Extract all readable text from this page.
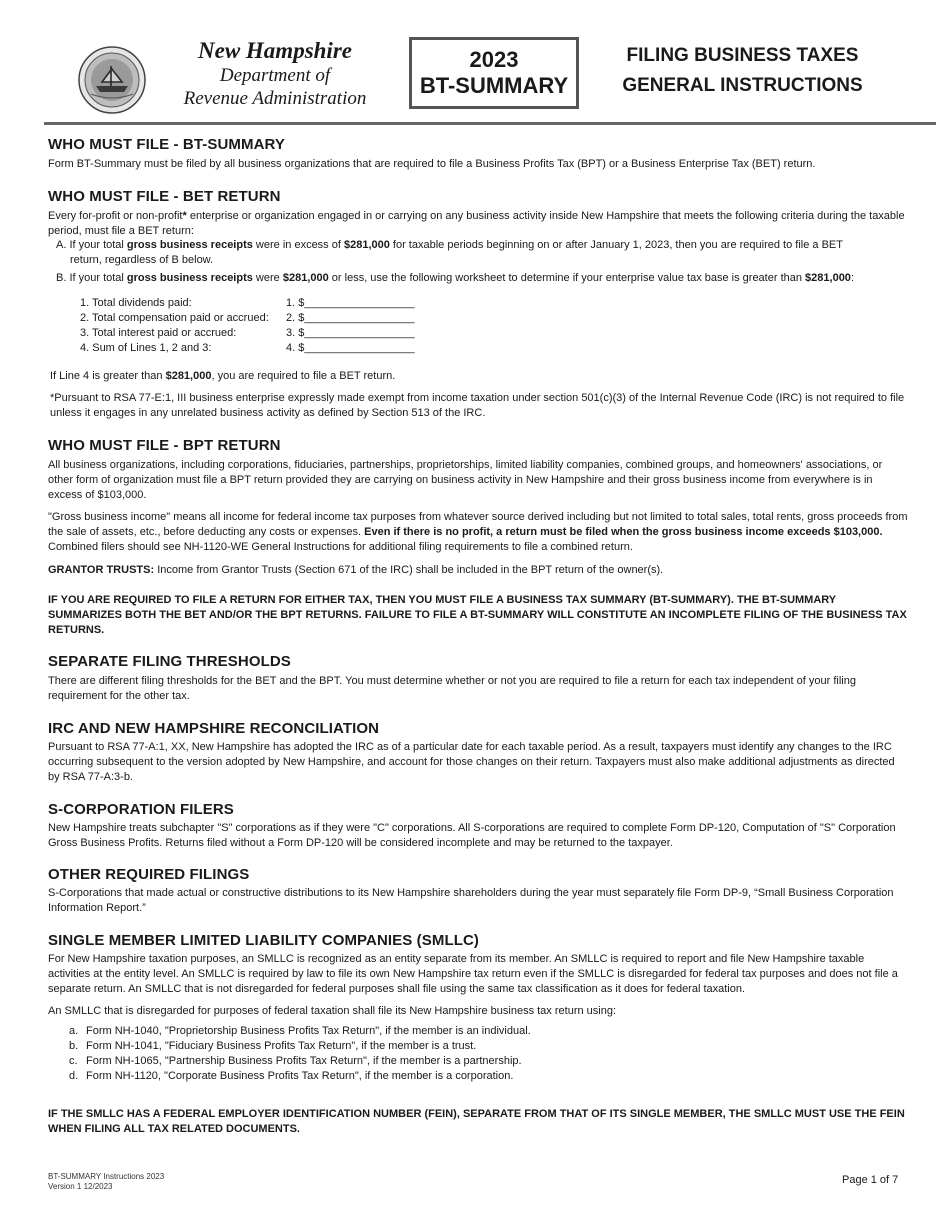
New Hampshire
Department of
Revenue Administration
2023
BT-SUMMARY
FILING BUSINESS TAXES
GENERAL INSTRUCTIONS
WHO MUST FILE - BT-SUMMARY
Form BT-Summary must be filed by all business organizations that are required to file a Business Profits Tax (BPT) or a Business Enterprise Tax (BET) return.
WHO MUST FILE - BET RETURN
Every for-profit or non-profit* enterprise or organization engaged in or carrying on any business activity inside New Hampshire that meets the following criteria during the taxable period, must file a BET return:
A. If your total gross business receipts were in excess of $281,000 for taxable periods beginning on or after January 1, 2023, then you are required to file a BET
return, regardless of B below.
B. If your total gross business receipts were $281,000 or less, use the following worksheet to determine if your enterprise value tax base is greater than $281,000:
1. Total dividends paid:	1. $__________________
2. Total compensation paid or accrued: 2. $__________________
3. Total interest paid or accrued:	3. $__________________
4. Sum of Lines 1, 2 and 3:	4. $__________________
If Line 4 is greater than $281,000, you are required to file a BET return.
*Pursuant to RSA 77-E:1, III business enterprise expressly made exempt from income taxation under section 501(c)(3) of the Internal Revenue Code (IRC) is not required to file unless it engages in any unrelated business activity as defined by Section 513 of the IRC.
WHO MUST FILE - BPT RETURN
All business organizations, including corporations, fiduciaries, partnerships, proprietorships, limited liability companies, combined groups, and homeowners' associations, or other form of organization must file a BPT return provided they are carrying on business activity in New Hampshire and their gross business income from everywhere is in excess of $103,000.
"Gross business income" means all income for federal income tax purposes from whatever source derived including but not limited to total sales, total rents, gross proceeds from the sale of assets, etc., before deducting any costs or expenses. Even if there is no profit, a return must be filed when the gross business income exceeds $103,000. Combined filers should see NH-1120-WE General Instructions for additional filing requirements to file a combined return.
GRANTOR TRUSTS: Income from Grantor Trusts (Section 671 of the IRC) shall be included in the BPT return of the owner(s).
IF YOU ARE REQUIRED TO FILE A RETURN FOR EITHER TAX, THEN YOU MUST FILE A BUSINESS TAX SUMMARY (BT-SUMMARY). THE BT-SUMMARY SUMMARIZES BOTH THE BET AND/OR THE BPT RETURNS. FAILURE TO FILE A BT-SUMMARY WILL CONSTITUTE AN INCOMPLETE FILING OF THE BUSINESS TAX RETURNS.
SEPARATE FILING THRESHOLDS
There are different filing thresholds for the BET and the BPT. You must determine whether or not you are required to file a return for each tax independent of your filing requirement for the other tax.
IRC AND NEW HAMPSHIRE RECONCILIATION
Pursuant to RSA 77-A:1, XX, New Hampshire has adopted the IRC as of a particular date for each taxable period. As a result, taxpayers must identify any changes to the IRC occurring subsequent to the version adopted by New Hampshire, and account for those changes on their return. Taxpayers must also make additional adjustments as directed by RSA 77-A:3-b.
S-CORPORATION FILERS
New Hampshire treats subchapter "S" corporations as if they were "C" corporations. All S-corporations are required to complete Form DP-120, Computation of "S" Corporation Gross Business Profits. Returns filed without a Form DP-120 will be considered incomplete and may be returned to the taxpayer.
OTHER REQUIRED FILINGS
S-Corporations that made actual or constructive distributions to its New Hampshire shareholders during the year must separately file Form DP-9, “Small Business Corporation Information Report.”
SINGLE MEMBER LIMITED LIABILITY COMPANIES (SMLLC)
For New Hampshire taxation purposes, an SMLLC is recognized as an entity separate from its member. An SMLLC is required to report and file New Hampshire taxable activities at the entity level. An SMLLC is required by law to file its own New Hampshire tax return even if the SMLLC is disregarded for federal tax purposes and does not file a separate return. An SMLLC that is not disregarded for federal purposes shall file using the same tax classification as it does for federal taxation.
An SMLLC that is disregarded for purposes of federal taxation shall file its New Hampshire business tax return using:
a. Form NH-1040, "Proprietorship Business Profits Tax Return", if the member is an individual.
b. Form NH-1041, "Fiduciary Business Profits Tax Return", if the member is a trust.
c. Form NH-1065, "Partnership Business Profits Tax Return", if the member is a partnership.
d. Form NH-1120, "Corporate Business Profits Tax Return", if the member is a corporation.
IF THE SMLLC HAS A FEDERAL EMPLOYER IDENTIFICATION NUMBER (FEIN), SEPARATE FROM THAT OF ITS SINGLE MEMBER, THE SMLLC MUST USE THE FEIN WHEN FILING ALL TAX RELATED DOCUMENTS.
BT-SUMMARY Instructions 2023
Version 1 12/2023
Page 1 of 7
